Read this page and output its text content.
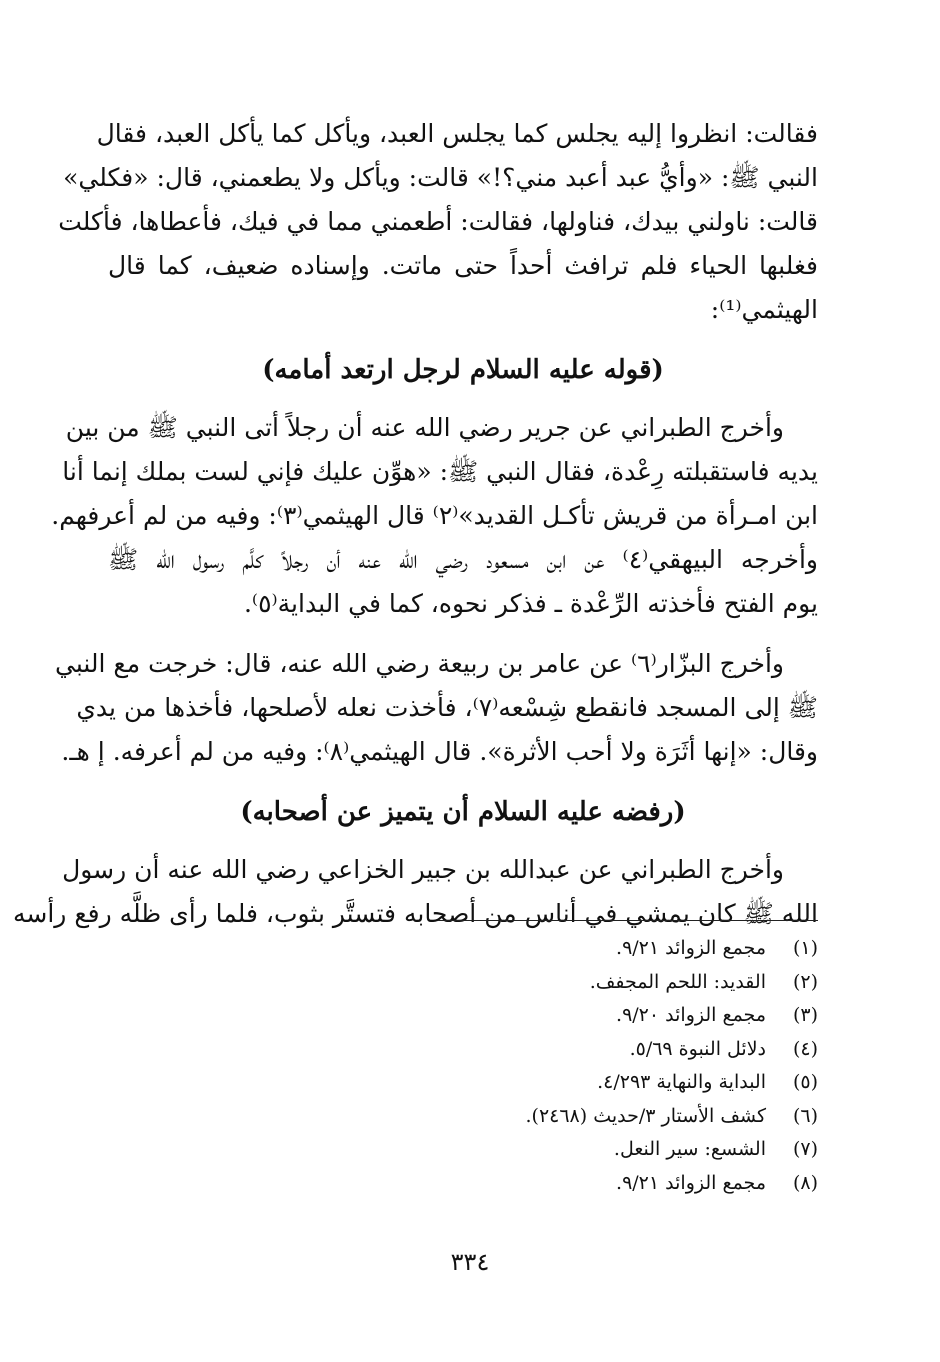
فقالت: انظروا إليه يجلس كما يجلس العبد، ويأكل كما يأكل العبد، فقال
النبي ﷺ: «وأيُّ عبد أعبد مني؟!» قالت: ويأكل ولا يطعمني، قال: «فكلي»
قالت: ناولني بيدك، فناولها، فقالت: أطعمني مما في فيك، فأعطاها، فأكلت
فغلبها الحياء فلم ترافث أحداً حتى ماتت. وإسناده ضعيف، كما قال
الهيثمي⁽¹⁾:
(قوله عليه السلام لرجل ارتعد أمامه)
وأخرج الطبراني عن جرير رضي الله عنه أن رجلاً أتى النبي ﷺ من بين
يديه فاستقبلته رِعْدة، فقال النبي ﷺ: «هوِّن عليك فإني لست بملك إنما أنا
ابن امـرأة من قريش تأكـل القديد»⁽٢⁾ قال الهيثمي⁽٣⁾: وفيه من لم أعرفهم.
وأخرجه البيهقي⁽٤⁾ عن ابن مسعود رضي الله عنه أن رجلاً كلَّم رسول الله ﷺ
يوم الفتح فأخذته الرِّعْدة ـ فذكر نحوه، كما في البداية⁽٥⁾.
وأخرج البزّار⁽٦⁾ عن عامر بن ربيعة رضي الله عنه، قال: خرجت مع النبي
ﷺ إلى المسجد فانقطع شِسْعه⁽٧⁾، فأخذت نعله لأصلحها، فأخذها من يدي
وقال: «إنها أثَرَة ولا أحب الأثرة». قال الهيثمي⁽٨⁾: وفيه من لم أعرفه. إ هـ.
(رفضه عليه السلام أن يتميز عن أصحابه)
وأخرج الطبراني عن عبدالله بن جبير الخزاعي رضي الله عنه أن رسول
الله ﷺ كان يمشي في أناس من أصحابه فتستَّر بثوب، فلما رأى ظلَّه رفع رأسه
(١)
مجمع الزوائد ٩/٢١.
(٢)
القديد: اللحم المجفف.
(٣)
مجمع الزوائد ٩/٢٠.
(٤)
دلائل النبوة ٥/٦٩.
(٥)
البداية والنهاية ٤/٢٩٣.
(٦)
كشف الأستار ٣/حديث (٢٤٦٨).
(٧)
الشسع: سير النعل.
(٨)
مجمع الزوائد ٩/٢١.
٣٣٤
